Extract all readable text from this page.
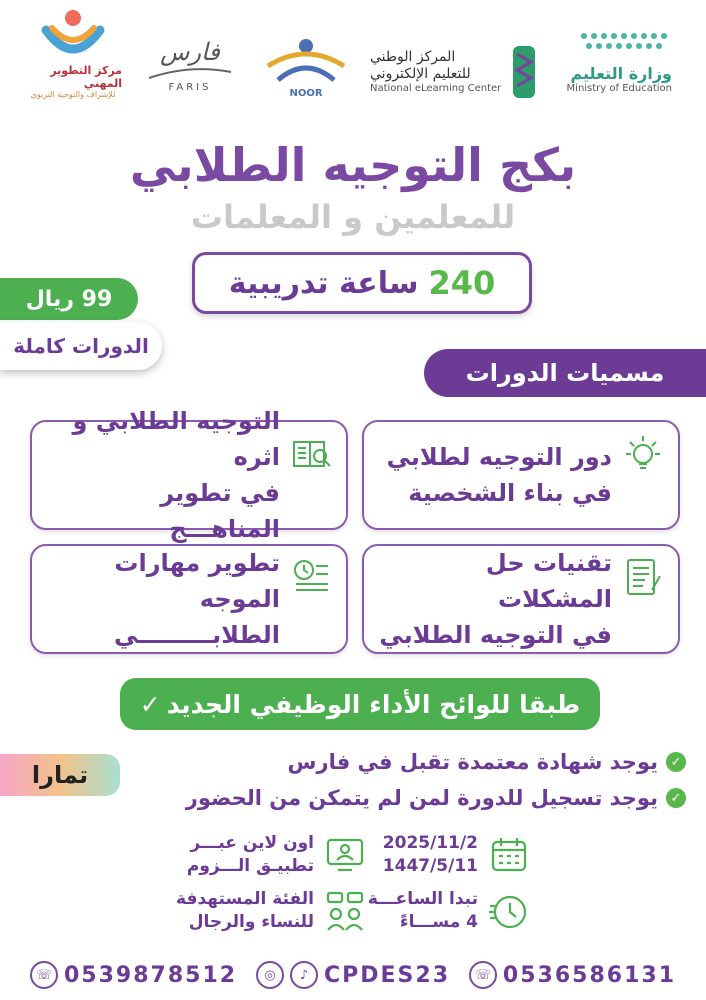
وزارة التعليم
Ministry of Education
المركز الوطني
للتعليم الإلكتروني
National eLearning Center
NOOR
فارس
FARIS
مركز التطوير المهني
للإشراف والتوجيه التربوي
بكج التوجيه الطلابي
للمعلمين و المعلمات
240
ساعة تدريبية
99 ريال
الدورات كاملة
مسميات الدورات
دور التوجيه لطلابي
في بناء الشخصية
التوجيه الطلابي و اثره
في تطوير المناهـــج
تقنيات حل المشكلات
في التوجيه الطلابي
تطوير مهارات الموجه
الطلابـــــــــي
طبقا للوائح الأداء الوظيفي الجديد
✓
✓
يوجد شهادة معتمدة تقبل في فارس
✓
يوجد تسجيل للدورة لمن لم يتمكن من الحضور
تمارا
2025/11/2
1447/5/11
اون لاين عبـــر
تطبيـق الـــزوم
تبدا الساعـــة
4 مســـاءً
الفئة المستهدفة
للنساء والرجال
☏ 0539878512	◎	♪ CPDES23	☏ 0536586131
